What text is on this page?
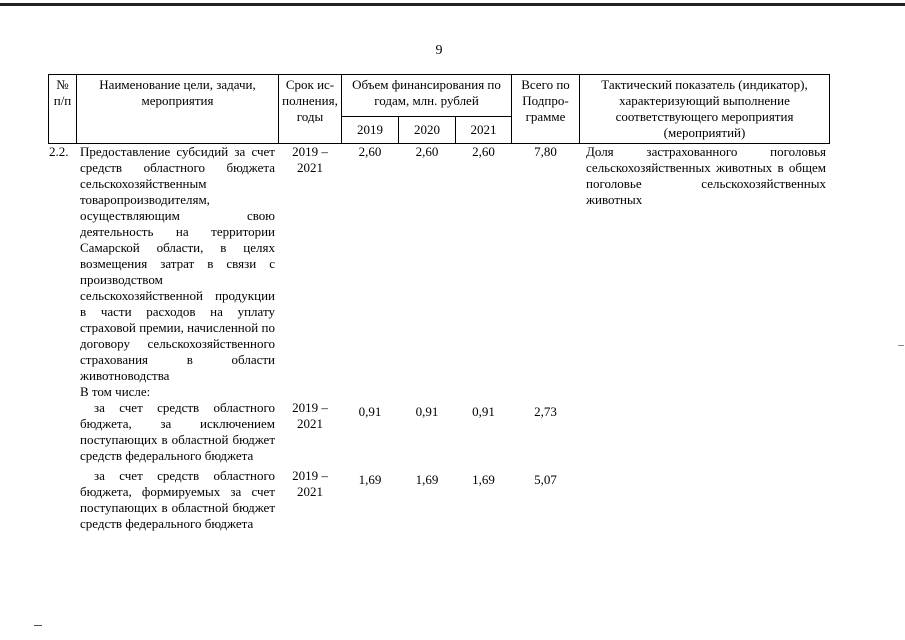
9
№ п/п	Наименование цели, задачи, мероприятия	Срок ис-полнения, годы	Объем финансирования по годам, млн. рублей			Всего по Подпро-грамме	Тактический показатель (индикатор), характеризующий выполнение соответствующего мероприятия (мероприятий)
			2019	2020	2021		
2.2.	Предоставление субсидий за счет средств областного бюджета сельскохозяйственным товаропроизводителям, осуществляющим свою деятельность на территории Самарской области, в целях возмещения затрат в связи с производством сельскохозяйственной продукции в части расходов на уплату страховой премии, начисленной по договору сельскохозяйственного страхования в области животноводства	2019 – 2021	2,60	2,60	2,60	7,80	Доля застрахованного поголовья сельскохозяйственных животных в общем поголовье сельскохозяйственных животных
	В том числе:						
	за счет средств областного бюджета, за исключением поступающих в областной бюджет средств федерального бюджета	2019 – 2021	0,91	0,91	0,91	2,73	

	за счет средств областного бюджета, формируемых за счет поступающих в областной бюджет средств федерального бюджета	2019 – 2021	1,69	1,69	1,69	5,07	
